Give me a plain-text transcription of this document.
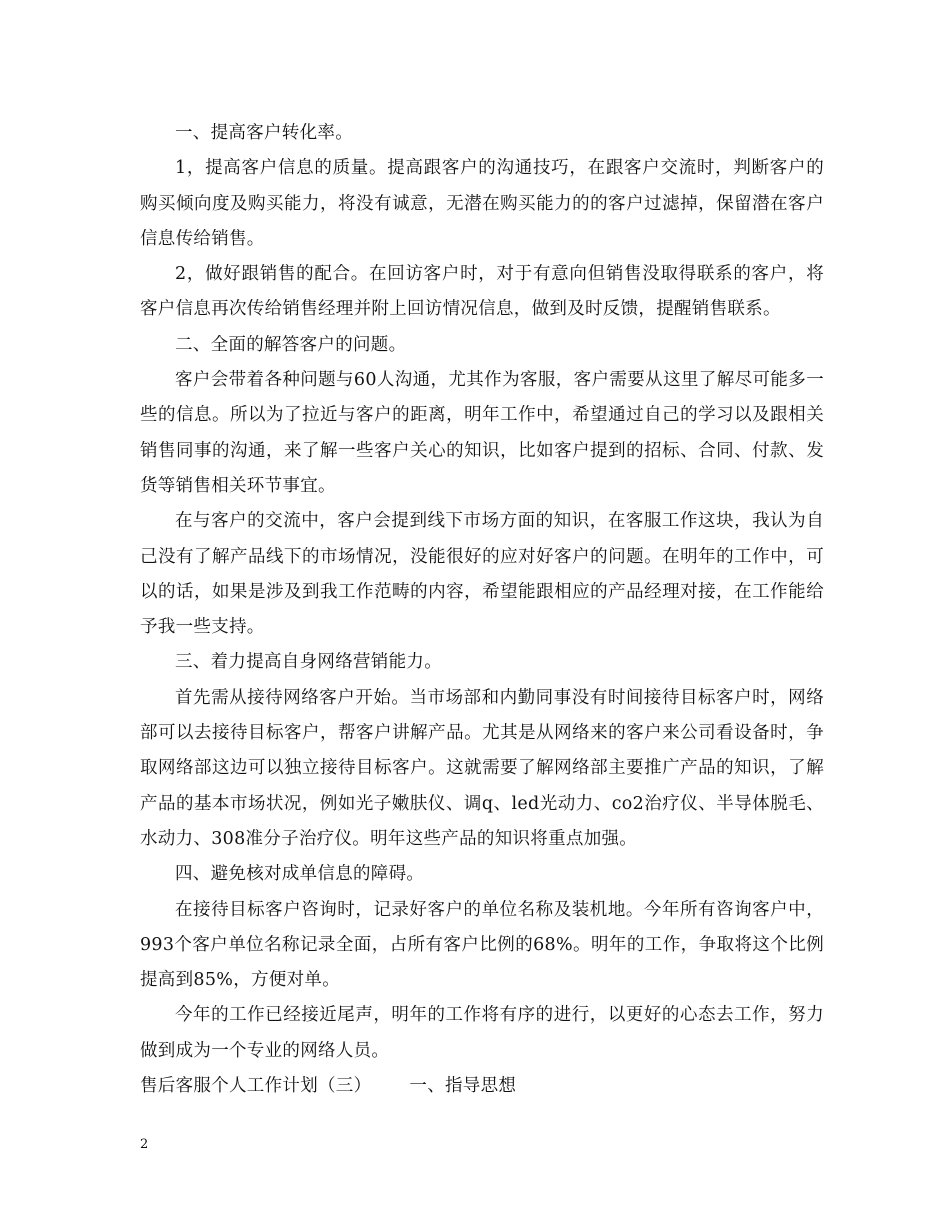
一、提高客户转化率。

1，提高客户信息的质量。提高跟客户的沟通技巧，在跟客户交流时，判断客户的购买倾向度及购买能力，将没有诚意，无潜在购买能力的的客户过滤掉，保留潜在客户信息传给销售。

2，做好跟销售的配合。在回访客户时，对于有意向但销售没取得联系的客户，将客户信息再次传给销售经理并附上回访情况信息，做到及时反馈，提醒销售联系。

二、全面的解答客户的问题。

客户会带着各种问题与60人沟通，尤其作为客服，客户需要从这里了解尽可能多一些的信息。所以为了拉近与客户的距离，明年工作中，希望通过自己的学习以及跟相关销售同事的沟通，来了解一些客户关心的知识，比如客户提到的招标、合同、付款、发货等销售相关环节事宜。

在与客户的交流中，客户会提到线下市场方面的知识，在客服工作这块，我认为自己没有了解产品线下的市场情况，没能很好的应对好客户的问题。在明年的工作中，可以的话，如果是涉及到我工作范畴的内容，希望能跟相应的产品经理对接，在工作能给予我一些支持。

三、着力提高自身网络营销能力。

首先需从接待网络客户开始。当市场部和内勤同事没有时间接待目标客户时，网络部可以去接待目标客户，帮客户讲解产品。尤其是从网络来的客户来公司看设备时，争取网络部这边可以独立接待目标客户。这就需要了解网络部主要推广产品的知识，了解产品的基本市场状况，例如光子嫩肤仪、调q、led光动力、co2治疗仪、半导体脱毛、水动力、308准分子治疗仪。明年这些产品的知识将重点加强。

四、避免核对成单信息的障碍。

在接待目标客户咨询时，记录好客户的单位名称及装机地。今年所有咨询客户中，993个客户单位名称记录全面，占所有客户比例的68%。明年的工作，争取将这个比例提高到85%，方便对单。

今年的工作已经接近尾声，明年的工作将有序的进行，以更好的心态去工作，努力做到成为一个专业的网络人员。

售后客服个人工作计划（三） 一、指导思想
2
